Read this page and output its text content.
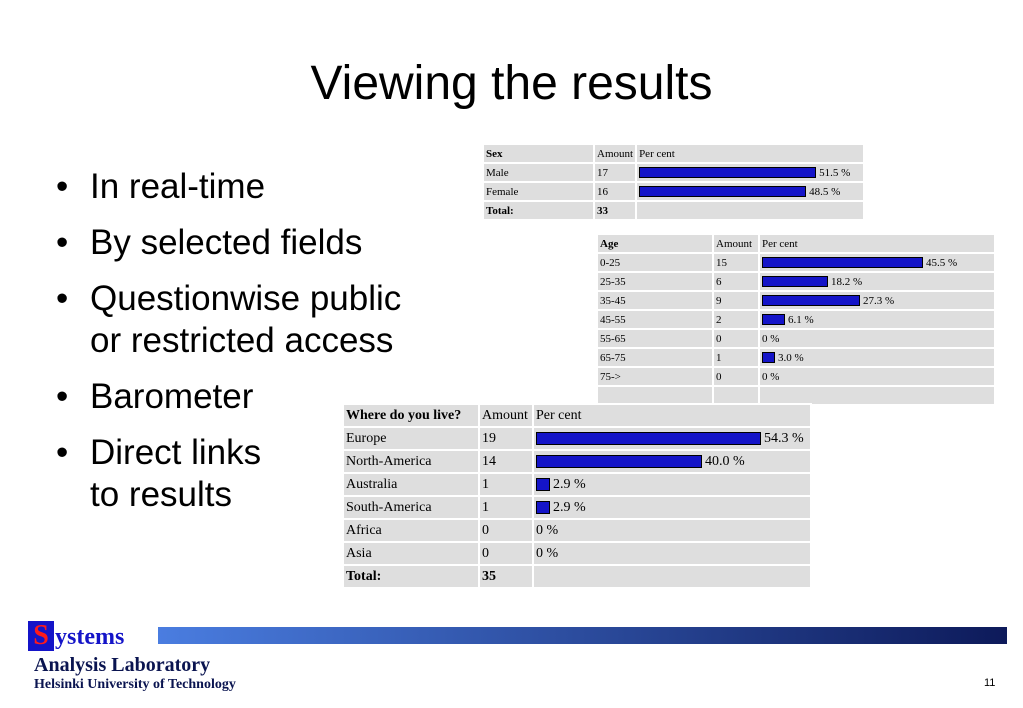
Viewing the results
• In real-time
• By selected fields
• Questionwise public
or restricted access
• Barometer
• Direct links
to results
Sex	Amount	Per cent
Male	17	51.5 %
Female	16	48.5 %
Total:	33	
Age	Amount	Per cent
0-25	15	45.5 %
25-35	6	18.2 %
35-45	9	27.3 %
45-55	2	6.1 %
55-65	0	0 %
65-75	1	3.0 %
75->	0	0 %

Where do you live?	Amount	Per cent
Europe	19	54.3 %
North-America	14	40.0 %
Australia	1	2.9 %
South-America	1	2.9 %
Africa	0	0 %
Asia	0	0 %
Total:	35	
S ystems
Analysis Laboratory
Helsinki University of Technology	11
